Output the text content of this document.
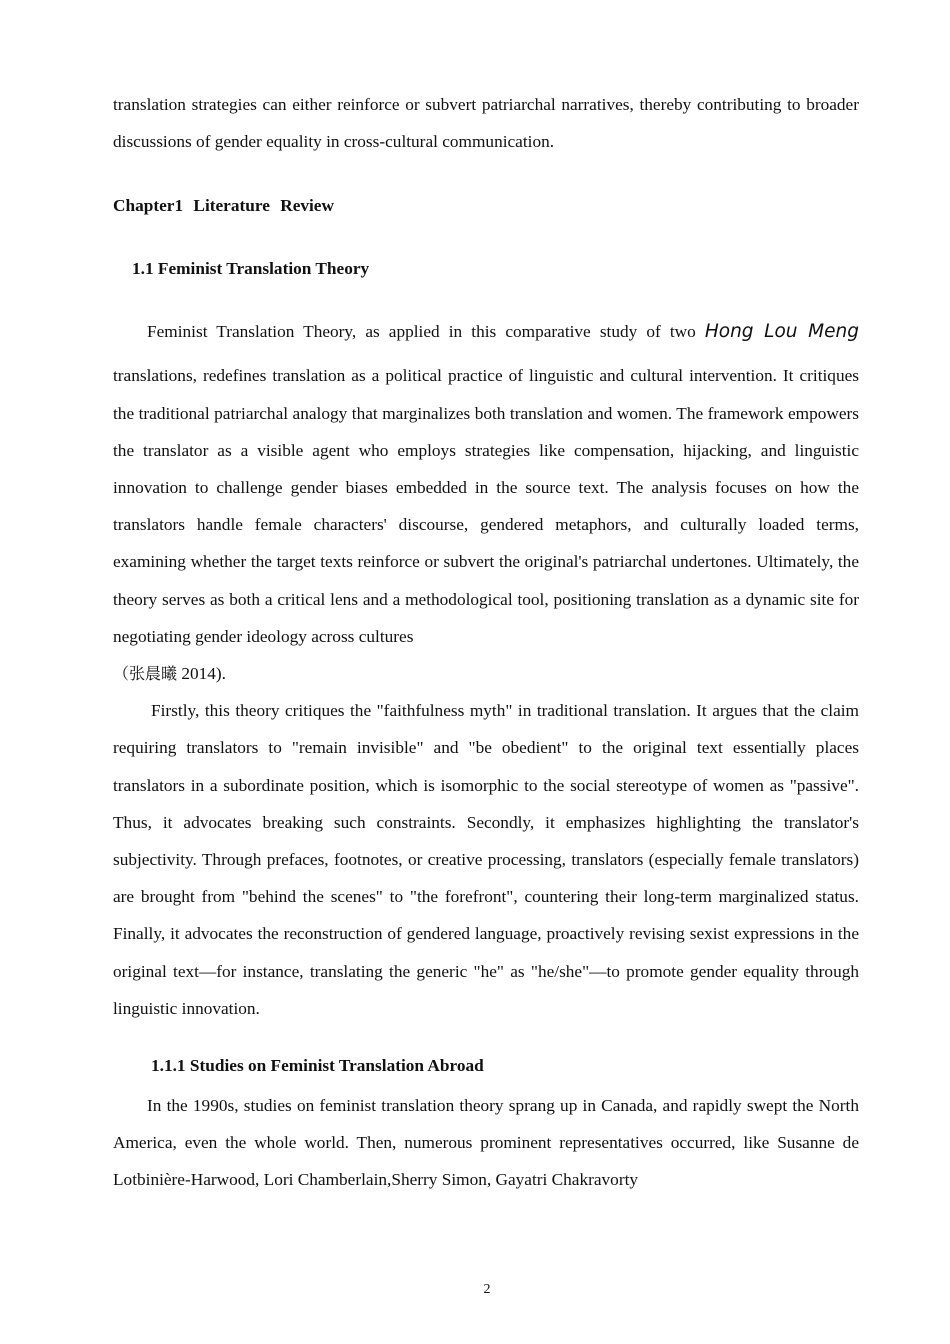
translation strategies can either reinforce or subvert patriarchal narratives, thereby contributing to broader discussions of gender equality in cross-cultural communication.

Chapter1 Literature Review
1.1 Feminist Translation Theory

Feminist Translation Theory, as applied in this comparative study of two Hong Lou Meng
translations, redefines translation as a political practice of linguistic and cultural intervention. It critiques the traditional patriarchal analogy that marginalizes both translation and women. The framework empowers the translator as a visible agent who employs strategies like compensation, hijacking, and linguistic innovation to challenge gender biases embedded in the source text. The analysis focuses on how the translators handle female characters' discourse, gendered metaphors, and culturally loaded terms, examining whether the target texts reinforce or subvert the original's patriarchal undertones. Ultimately, the theory serves as both a critical lens and a methodological tool, positioning translation as a dynamic site for negotiating gender ideology across cultures
（张晨曦 2014).

Firstly, this theory critiques the "faithfulness myth" in traditional translation. It argues that the claim requiring translators to "remain invisible" and "be obedient" to the original text essentially places translators in a subordinate position, which is isomorphic to the social stereotype of women as "passive". Thus, it advocates breaking such constraints. Secondly, it emphasizes highlighting the translator's subjectivity. Through prefaces, footnotes, or creative processing, translators (especially female translators) are brought from "behind the scenes" to "the forefront", countering their long-term marginalized status. Finally, it advocates the reconstruction of gendered language, proactively revising sexist expressions in the original text—for instance, translating the generic "he" as "he/she"—to promote gender equality through linguistic innovation.

1.1.1 Studies on Feminist Translation Abroad

In the 1990s, studies on feminist translation theory sprang up in Canada, and rapidly swept the North America, even the whole world. Then, numerous prominent representatives occurred, like Susanne de Lotbinière-Harwood, Lori Chamberlain,Sherry Simon, Gayatri Chakravorty

2
